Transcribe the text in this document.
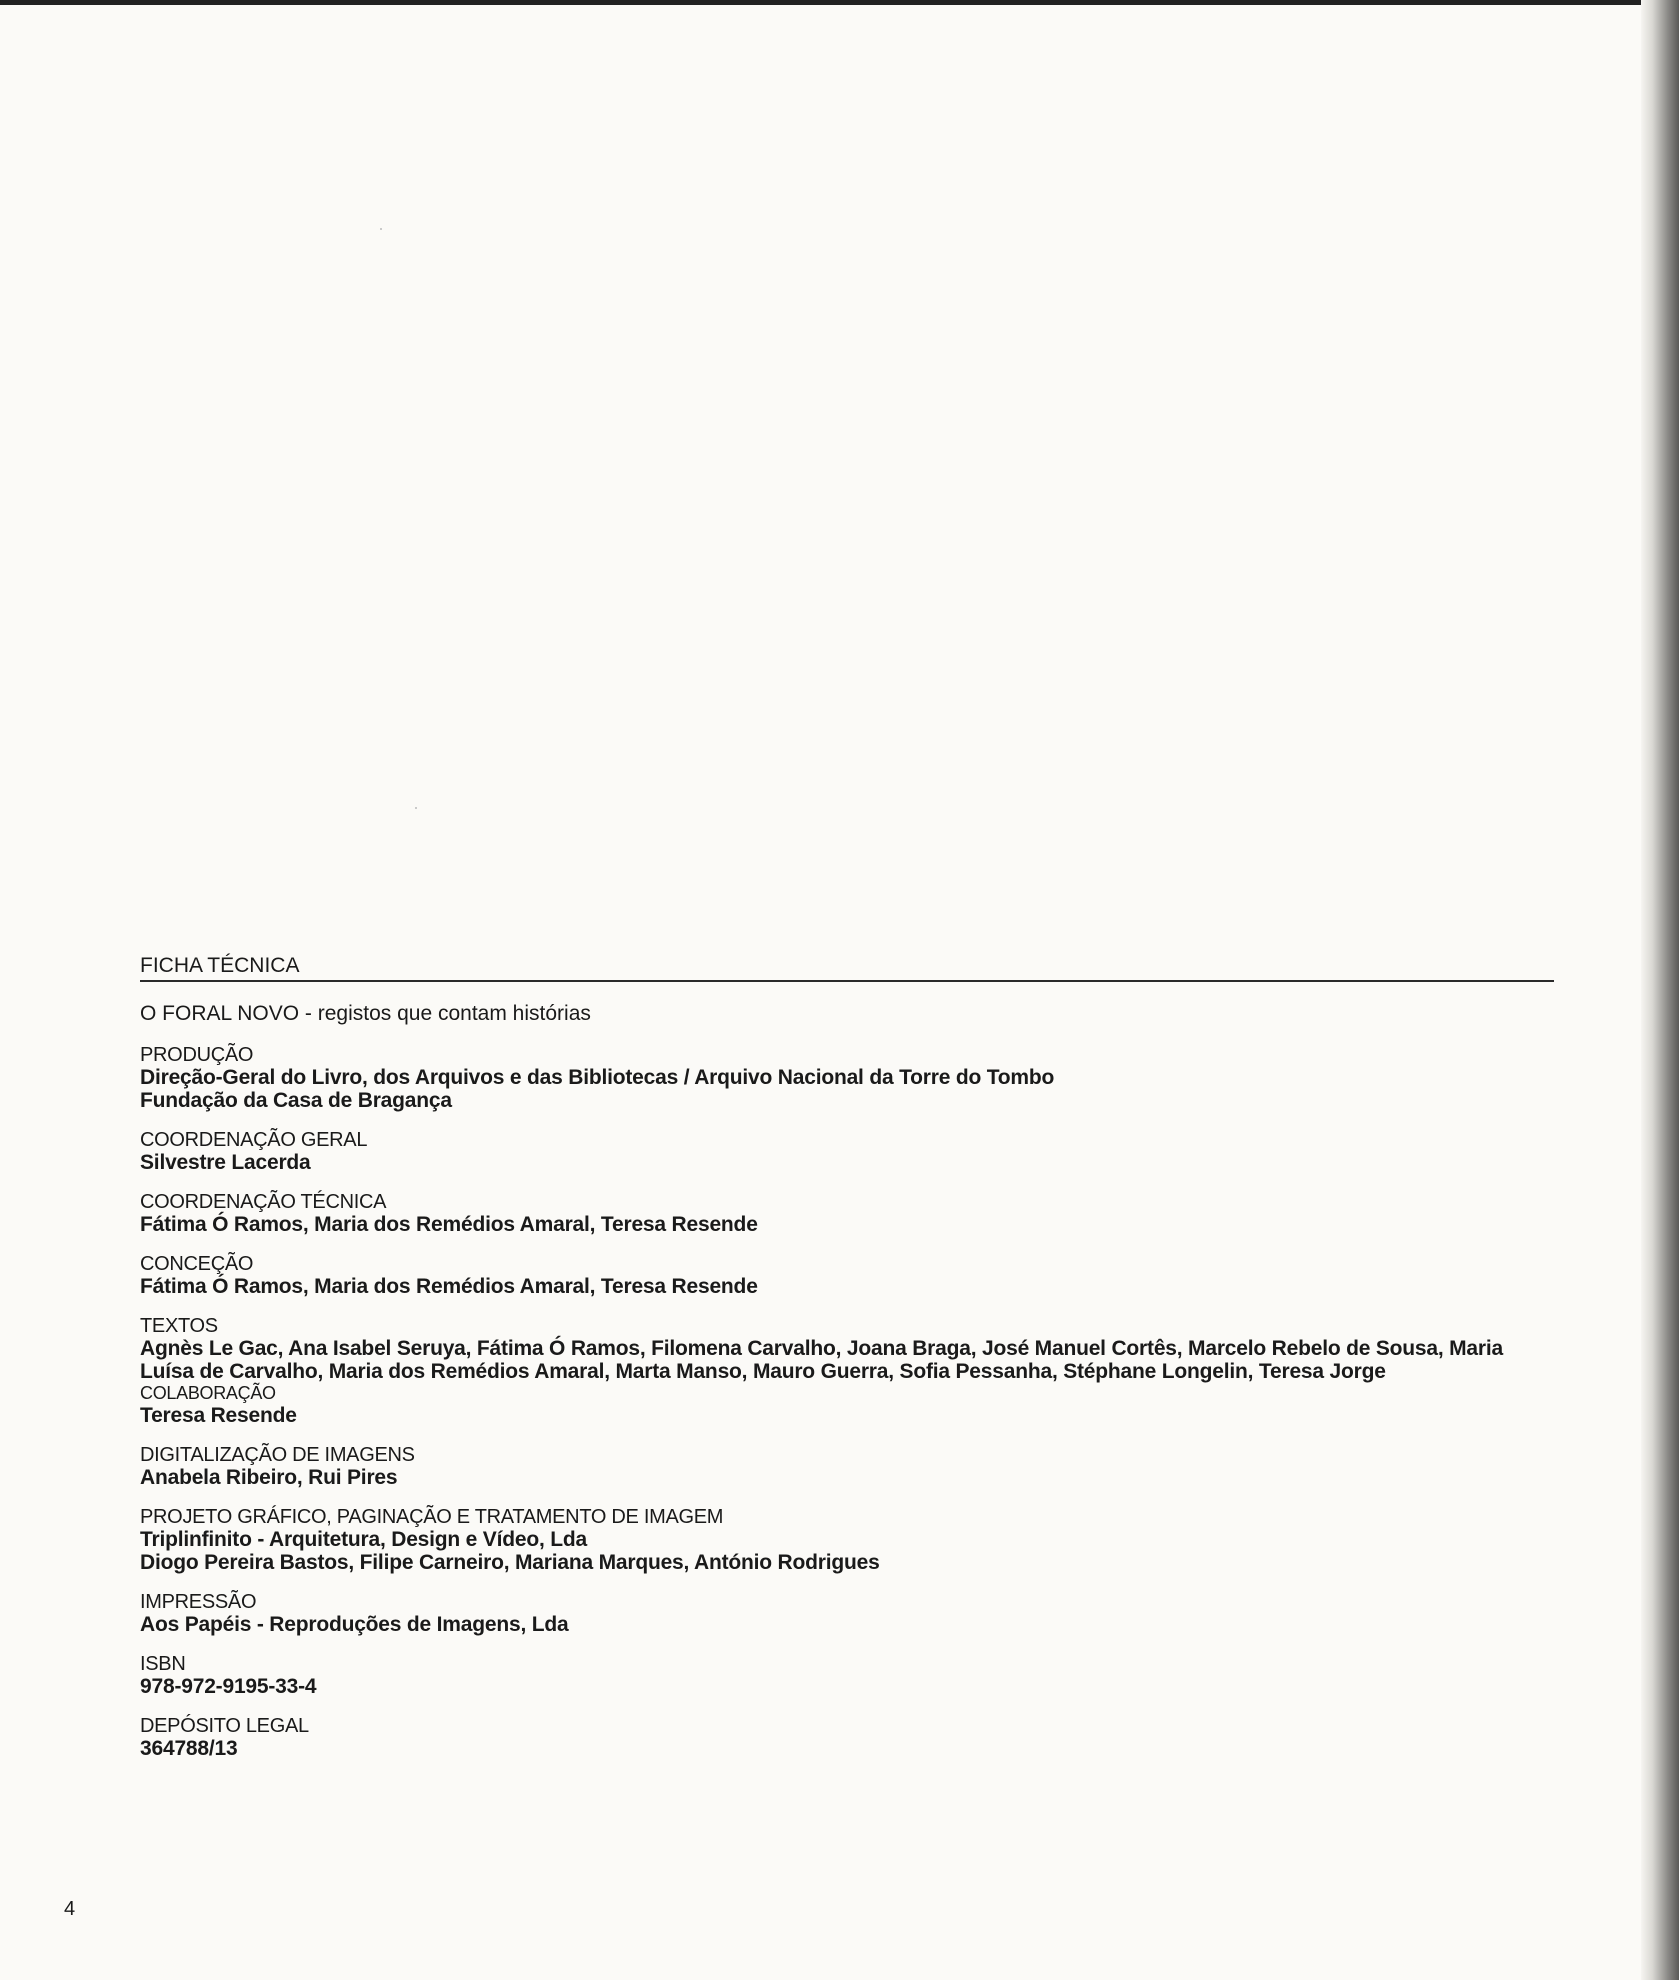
FICHA TÉCNICA
O FORAL NOVO - registos que contam histórias
PRODUÇÃO
Direção-Geral do Livro, dos Arquivos e das Bibliotecas / Arquivo Nacional da Torre do Tombo
Fundação da Casa de Bragança
COORDENAÇÃO GERAL
Silvestre Lacerda
COORDENAÇÃO TÉCNICA
Fátima Ó Ramos, Maria dos Remédios Amaral, Teresa Resende
CONCEÇÃO
Fátima Ó Ramos, Maria dos Remédios Amaral, Teresa Resende
TEXTOS
Agnès Le Gac, Ana Isabel Seruya, Fátima Ó Ramos, Filomena Carvalho, Joana Braga, José Manuel Cortês, Marcelo Rebelo de Sousa, Maria
Luísa de Carvalho, Maria dos Remédios Amaral, Marta Manso, Mauro Guerra, Sofia Pessanha, Stéphane Longelin, Teresa Jorge
COLABORAÇÃO
Teresa Resende
DIGITALIZAÇÃO DE IMAGENS
Anabela Ribeiro, Rui Pires
PROJETO GRÁFICO, PAGINAÇÃO E TRATAMENTO DE IMAGEM
Triplinfinito - Arquitetura, Design e Vídeo, Lda
Diogo Pereira Bastos, Filipe Carneiro, Mariana Marques, António Rodrigues
IMPRESSÃO
Aos Papéis - Reproduções de Imagens, Lda
ISBN
978-972-9195-33-4
DEPÓSITO LEGAL
364788/13
4
